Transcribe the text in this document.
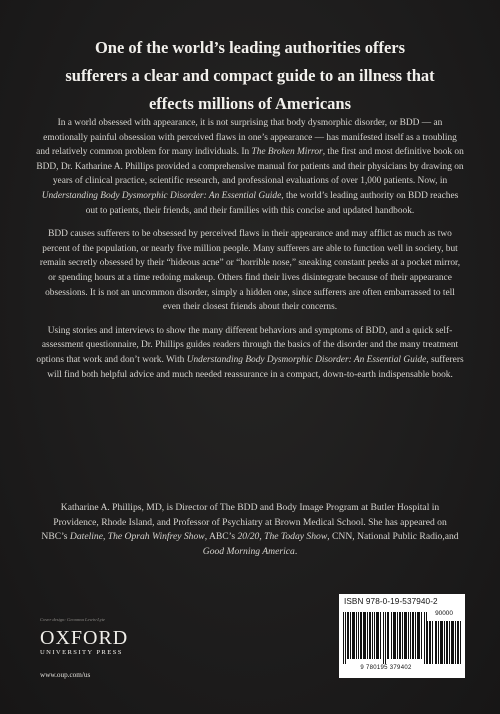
One of the world’s leading authorities offers
sufferers a clear and compact guide to an illness that
effects millions of Americans

In a world obsessed with appearance, it is not surprising that body dysmorphic disorder, or BDD — an emotionally painful obsession with perceived flaws in one’s appearance — has manifested itself as a troubling and relatively common problem for many individuals. In The Broken Mirror, the first and most definitive book on BDD, Dr. Katharine A. Phillips provided a comprehensive manual for patients and their physicians by drawing on years of clinical practice, scientific research, and professional evaluations of over 1,000 patients. Now, in Understanding Body Dysmorphic Disorder: An Essential Guide, the world’s leading authority on BDD reaches out to patients, their friends, and their families with this concise and updated handbook.

BDD causes sufferers to be obsessed by perceived flaws in their appearance and may afflict as much as two percent of the population, or nearly five million people. Many sufferers are able to function well in society, but remain secretly obsessed by their “hideous acne” or “horrible nose,” sneaking constant peeks at a pocket mirror, or spending hours at a time redoing makeup. Others find their lives disintegrate because of their appearance obsessions. It is not an uncommon disorder, simply a hidden one, since sufferers are often embarrassed to tell even their closest friends about their concerns.

Using stories and interviews to show the many different behaviors and symptoms of BDD, and a quick self-assessment questionnaire, Dr. Phillips guides readers through the basics of the disorder and the many treatment options that work and don’t work. With Understanding Body Dysmorphic Disorder: An Essential Guide, sufferers will find both helpful advice and much needed reassurance in a compact, down-to-earth indispensable book.

Katharine A. Phillips, MD, is Director of The BDD and Body Image Program at Butler Hospital in Providence, Rhode Island, and Professor of Psychiatry at Brown Medical School. She has appeared on NBC’s Dateline, The Oprah Winfrey Show, ABC’s 20/20, The Today Show, CNN, National Public Radio,and Good Morning America.
Cover design: Geoonna Lewis-Lyte
OXFORD
UNIVERSITY PRESS
www.oup.com/us
ISBN 978-0-19-537940-2
90000
9 780195 379402
